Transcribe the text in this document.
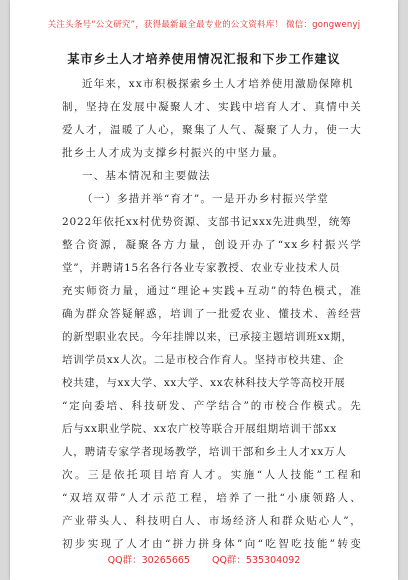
关注头条号“公文研究”，获得最新最全最专业的公文资料库！ 微信：gongwenyj
某市乡土人才培养使用情况汇报和下步工作建议
近年来，xx市积极探索乡土人才培养使用激励保障机
制，坚持在发展中凝聚人才、实践中培育人才、真情中关
爱人才，温暖了人心，聚集了人气、凝聚了人力，使一大
批乡土人才成为支撑乡村振兴的中坚力量。
一、基本情况和主要做法
（一）多措并举“育才”。一是开办乡村振兴学堂
2022年依托xx村优势资源、支部书记xxx先进典型，统筹
整合资源，凝聚各方力量，创设开办了“xx乡村振兴学
堂”，并聘请15名各行各业专家教授、农业专业技术人员
充实师资力量，通过“理论+实践+互动”的特色模式，准
确为群众答疑解惑，培训了一批爱农业、懂技术、善经营
的新型职业农民。今年挂牌以来，已承接主题培训班xx期，
培训学员xx人次。二是市校合作育人。坚持市校共建、企
校共建，与xx大学、xx大学、xx农林科技大学等高校开展
“定向委培、科技研发、产学结合”的市校合作模式。先
后与xx职业学院、xx农广校等联合开展组期培训干部xx
人，聘请专家学者现场教学，培训干部和乡土人才xx万人
次。三是依托项目培育人才。实施“人人技能”工程和
“双培双带”人才示范工程，培养了一批“小康领路人、
产业带头人、科技明白人、市场经济人和群众贴心人”，
初步实现了人才由“拼力拼身体”向“吃智吃技能”转变
QQ群：30265665 QQ群：535304092
